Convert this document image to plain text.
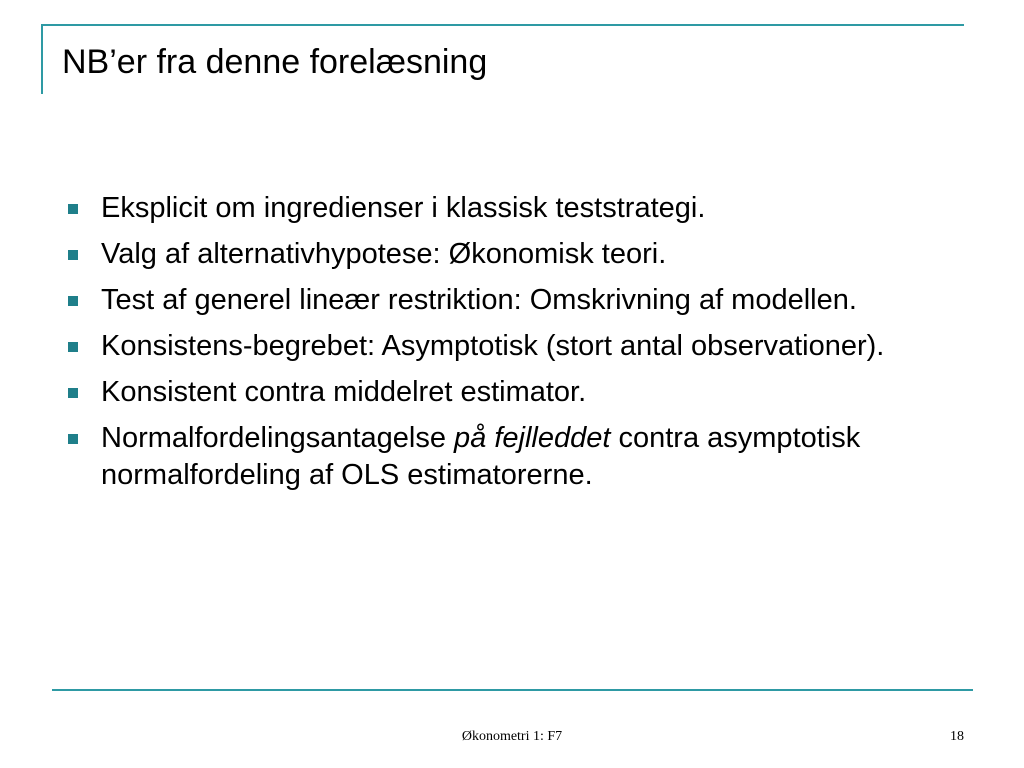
NB’er fra denne forelæsning
Eksplicit om ingredienser i klassisk teststrategi.
Valg af alternativhypotese: Økonomisk teori.
Test af generel lineær restriktion: Omskrivning af modellen.
Konsistens-begrebet: Asymptotisk (stort antal observationer).
Konsistent contra middelret estimator.
Normalfordelingsantagelse på fejlleddet contra asymptotisk normalfordeling af OLS estimatorerne.
Økonometri 1: F7	18
